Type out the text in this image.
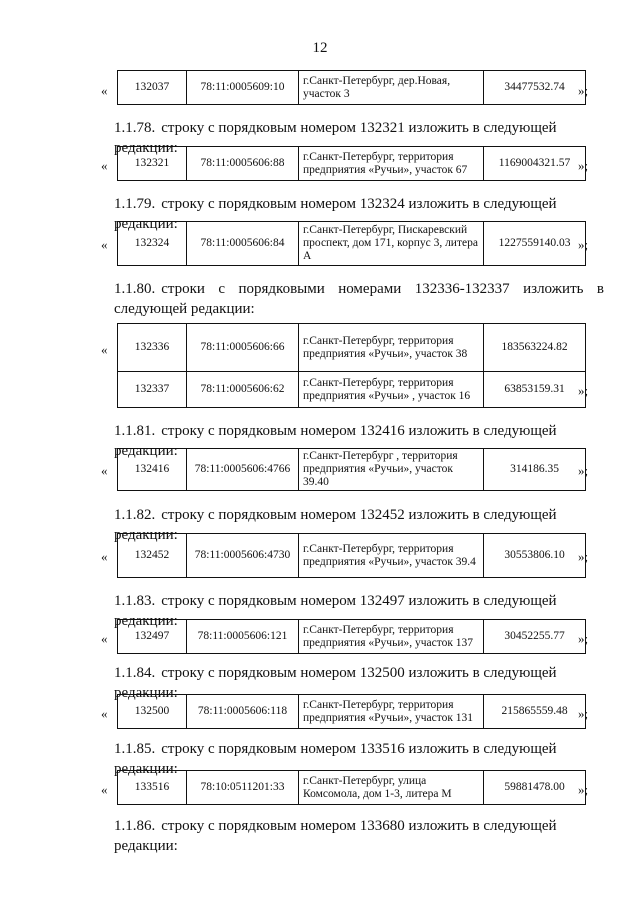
12
« 132037	78:11:0005609:10	г.Санкт-Петербург, дер.Новая, участок 3	34477532.74 »;
1.1.78. строку с порядковым номером 132321 изложить в следующей редакции:
« 132321	78:11:0005606:88	г.Санкт-Петербург, территория предприятия «Ручьи», участок 67	1169004321.57 »;
1.1.79. строку с порядковым номером 132324 изложить в следующей редакции:
« 132324	78:11:0005606:84	г.Санкт-Петербург, Пискаревский проспект, дом 171, корпус 3, литера А	1227559140.03 »;
1.1.80. строки с порядковыми номерами 132336-132337 изложить в следующей редакции:
« 132336	78:11:0005606:66	г.Санкт-Петербург, территория предприятия «Ручьи», участок 38	183563224.82
132337	78:11:0005606:62	г.Санкт-Петербург, территория предприятия «Ручьи» , участок 16	63853159.31 »;
1.1.81. строку с порядковым номером 132416 изложить в следующей редакции:
« 132416	78:11:0005606:4766	г.Санкт-Петербург , территория предприятия «Ручьи», участок 39.40	314186.35 »;
1.1.82. строку с порядковым номером 132452 изложить в следующей редакции:
« 132452	78:11:0005606:4730	г.Санкт-Петербург, территория предприятия «Ручьи», участок 39.4	30553806.10 »;
1.1.83. строку с порядковым номером 132497 изложить в следующей редакции:
« 132497	78:11:0005606:121	г.Санкт-Петербург, территория предприятия «Ручьи», участок 137	30452255.77 »;
1.1.84. строку с порядковым номером 132500 изложить в следующей редакции:
« 132500	78:11:0005606:118	г.Санкт-Петербург, территория предприятия «Ручьи», участок 131	215865559.48 »;
1.1.85. строку с порядковым номером 133516 изложить в следующей редакции:
« 133516	78:10:0511201:33	г.Санкт-Петербург, улица Комсомола, дом 1-3, литера М	59881478.00 »;
1.1.86. строку с порядковым номером 133680 изложить в следующей редакции:
